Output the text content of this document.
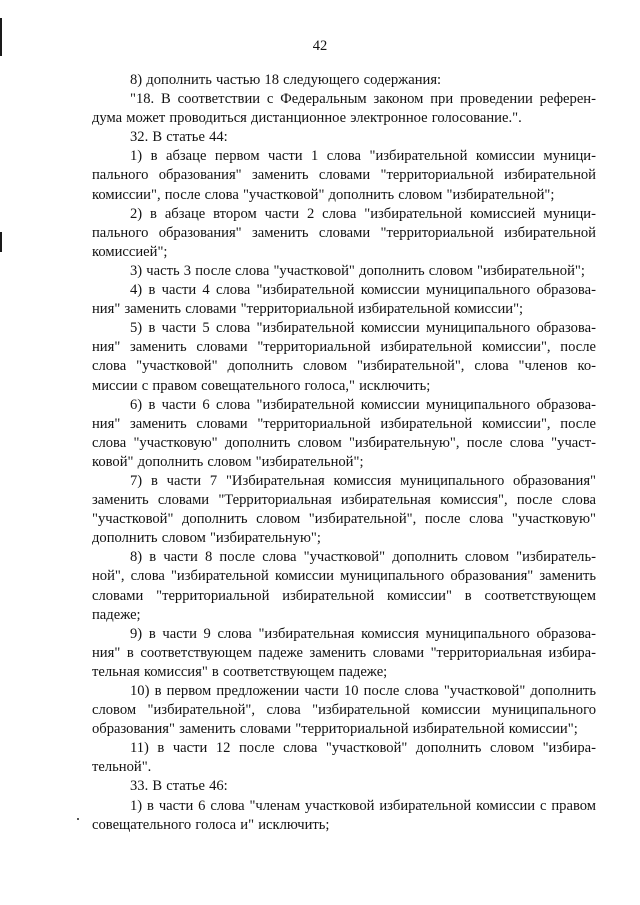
42

8) дополнить частью 18 следующего содержания:

"18. В соответствии с Федеральным законом при проведении референдума может проводиться дистанционное электронное голосование.".

32. В статье 44:

1) в абзаце первом части 1 слова "избирательной комиссии муниципального образования" заменить словами "территориальной избирательной комиссии", после слова "участковой" дополнить словом "избирательной";

2) в абзаце втором части 2 слова "избирательной комиссией муниципального образования" заменить словами "территориальной избирательной комиссией";

3) часть 3 после слова "участковой" дополнить словом "избирательной";

4) в части 4 слова "избирательной комиссии муниципального образования" заменить словами "территориальной избирательной комиссии";

5) в части 5 слова "избирательной комиссии муниципального образования" заменить словами "территориальной избирательной комиссии", после слова "участковой" дополнить словом "избирательной", слова "членов комиссии с правом совещательного голоса," исключить;

6) в части 6 слова "избирательной комиссии муниципального образования" заменить словами "территориальной избирательной комиссии", после слова "участковую" дополнить словом "избирательную", после слова "участковой" дополнить словом "избирательной";

7) в части 7 "Избирательная комиссия муниципального образования" заменить словами "Территориальная избирательная комиссия", после слова "участковой" дополнить словом "избирательной", после слова "участковую" дополнить словом "избирательную";

8) в части 8 после слова "участковой" дополнить словом "избирательной", слова "избирательной комиссии муниципального образования" заменить словами "территориальной избирательной комиссии" в соответствующем падеже;

9) в части 9 слова "избирательная комиссия муниципального образования" в соответствующем падеже заменить словами "территориальная избирательная комиссия" в соответствующем падеже;

10) в первом предложении части 10 после слова "участковой" дополнить словом "избирательной", слова "избирательной комиссии муниципального образования" заменить словами "территориальной избирательной комиссии";

11) в части 12 после слова "участковой" дополнить словом "избирательной".

33. В статье 46:

1) в части 6 слова "членам участковой избирательной комиссии с правом совещательного голоса и" исключить;
